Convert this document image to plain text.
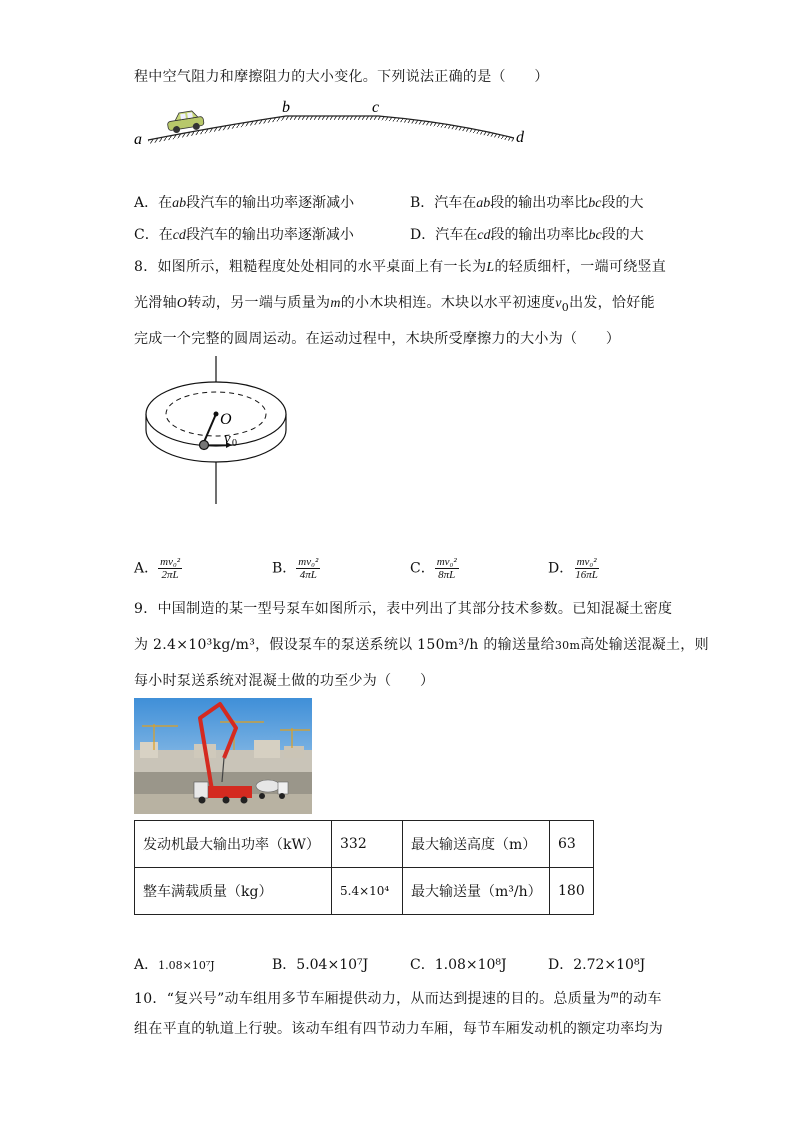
程中空气阻力和摩擦阻力的大小变化。下列说法正确的是（　　）
a
b	c
d
A．在ab段汽车的输出功率逐渐减小	B．汽车在ab段的输出功率比bc段的大
C．在cd段汽车的输出功率逐渐减小	D．汽车在cd段的输出功率比bc段的大
8．如图所示，粗糙程度处处相同的水平桌面上有一长为L的轻质细杆，一端可绕竖直
光滑轴O转动，另一端与质量为m的小木块相连。木块以水平初速度$v_0$出发，恰好能
完成一个完整的圆周运动。在运动过程中，木块所受摩擦力的大小为（　　）
O
v 0
A． $\frac{\text{mv₀²}}{2\pi L}$	B． $\frac{\text{mv₀²}}{4\pi L}$	C． $\frac{\text{mv₀²}}{8\pi L}$	D． $\frac{\text{mv₀²}}{16\pi L}$
9．中国制造的某一型号泵车如图所示，表中列出了其部分技术参数。已知混凝土密度
为 2.4×10³kg/m³，假设泵车的泵送系统以 150m³/h 的输送量给30m高处输送混凝土，则
每小时泵送系统对混凝土做的功至少为（　　）
发动机最大输出功率（kW）	332	最大输送高度（m）	63
整车满载质量（kg）	5.4×10⁴	最大输送量（m³/h）	180
A．1.08×10⁷J	B．5.04×10⁷J	C．1.08×10⁸J	D．2.72×10⁸J
10．“复兴号”动车组用多节车厢提供动力，从而达到提速的目的。总质量为$^m$的动车
组在平直的轨道上行驶。该动车组有四节动力车厢，每节车厢发动机的额定功率均为
